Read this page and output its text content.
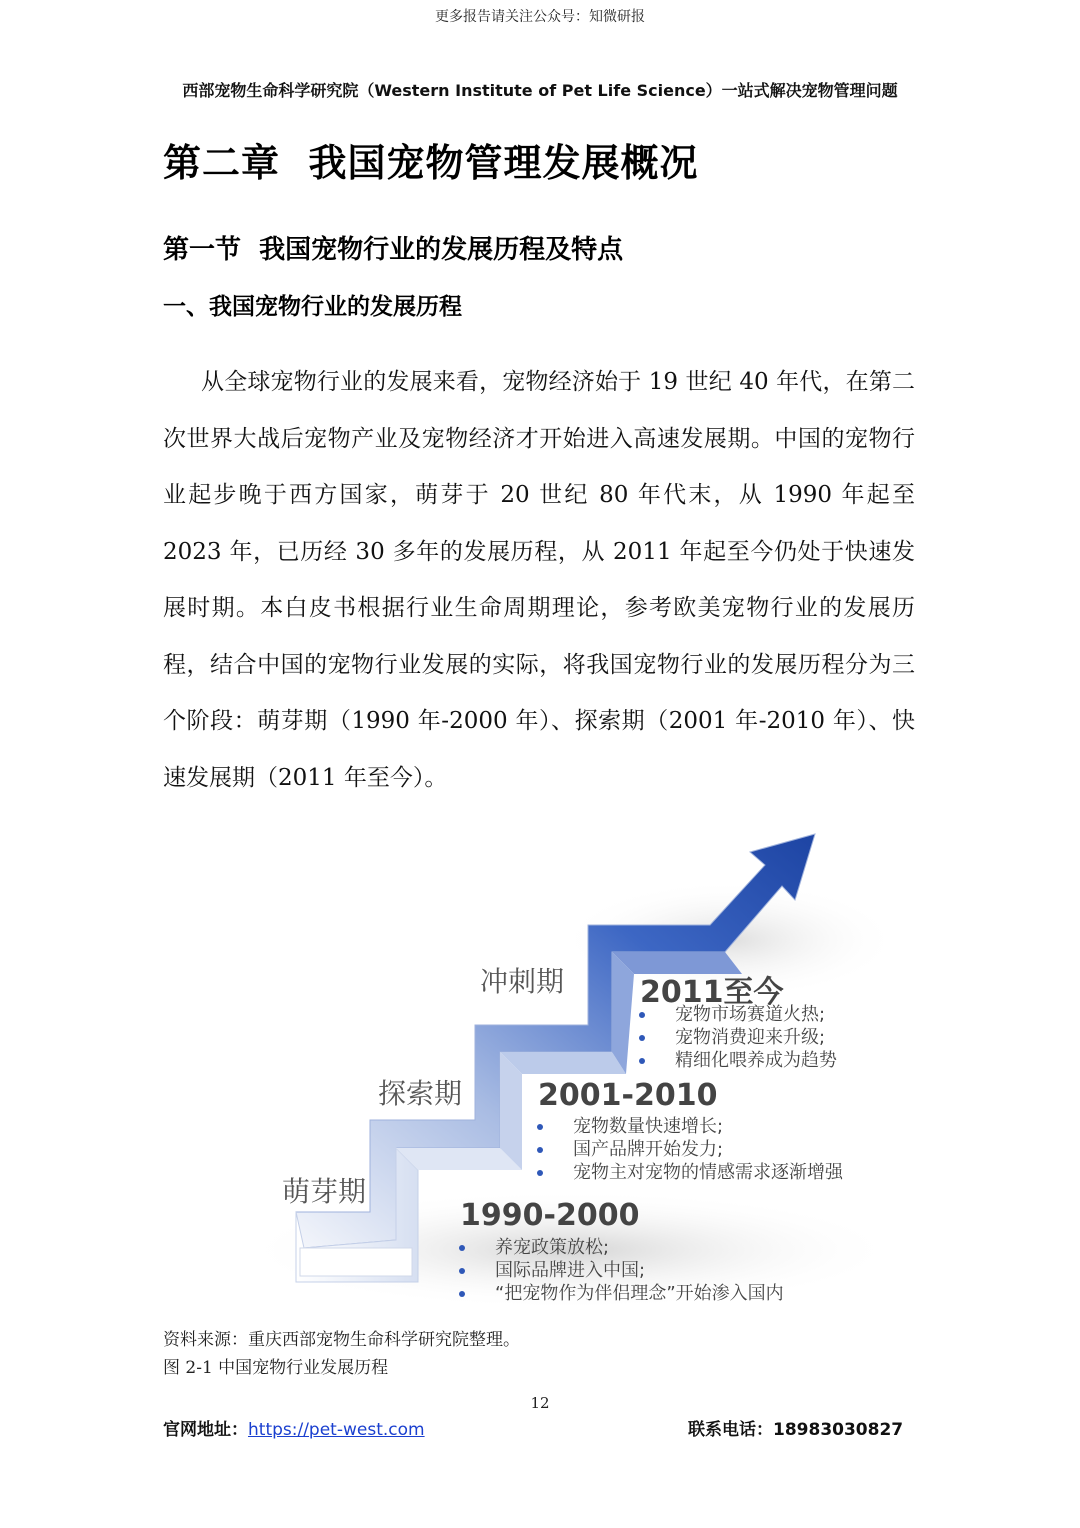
更多报告请关注公众号：知微研报
西部宠物生命科学研究院（Western Institute of Pet Life Science）一站式解决宠物管理问题
第二章  我国宠物管理发展概况
第一节  我国宠物行业的发展历程及特点
一、我国宠物行业的发展历程

从全球宠物行业的发展来看，宠物经济始于 19 世纪 40 年代，在第二次世界大战后宠物产业及宠物经济才开始进入高速发展期。中国的宠物行业起步晚于西方国家，萌芽于 20 世纪 80 年代末，从 1990 年起至 2023 年，已历经 30 多年的发展历程，从 2011 年起至今仍处于快速发展时期。本白皮书根据行业生命周期理论，参考欧美宠物行业的发展历程，结合中国的宠物行业发展的实际，将我国宠物行业的发展历程分为三个阶段：萌芽期（1990 年-2000 年）、探索期（2001 年-2010 年）、快速发展期（2011 年至今）。

冲刺期	2011至今
宠物市场赛道火热;
宠物消费迎来升级;
精细化喂养成为趋势
探索期	2001-2010
宠物数量快速增长;
国产品牌开始发力;
宠物主对宠物的情感需求逐渐增强
萌芽期
1990-2000
养宠政策放松;
国际品牌进入中国;
“把宠物作为伴侣理念”开始渗入国内
资料来源：重庆西部宠物生命科学研究院整理。
图 2-1 中国宠物行业发展历程
12
官网地址：https://pet-west.com	联系电话：18983030827
